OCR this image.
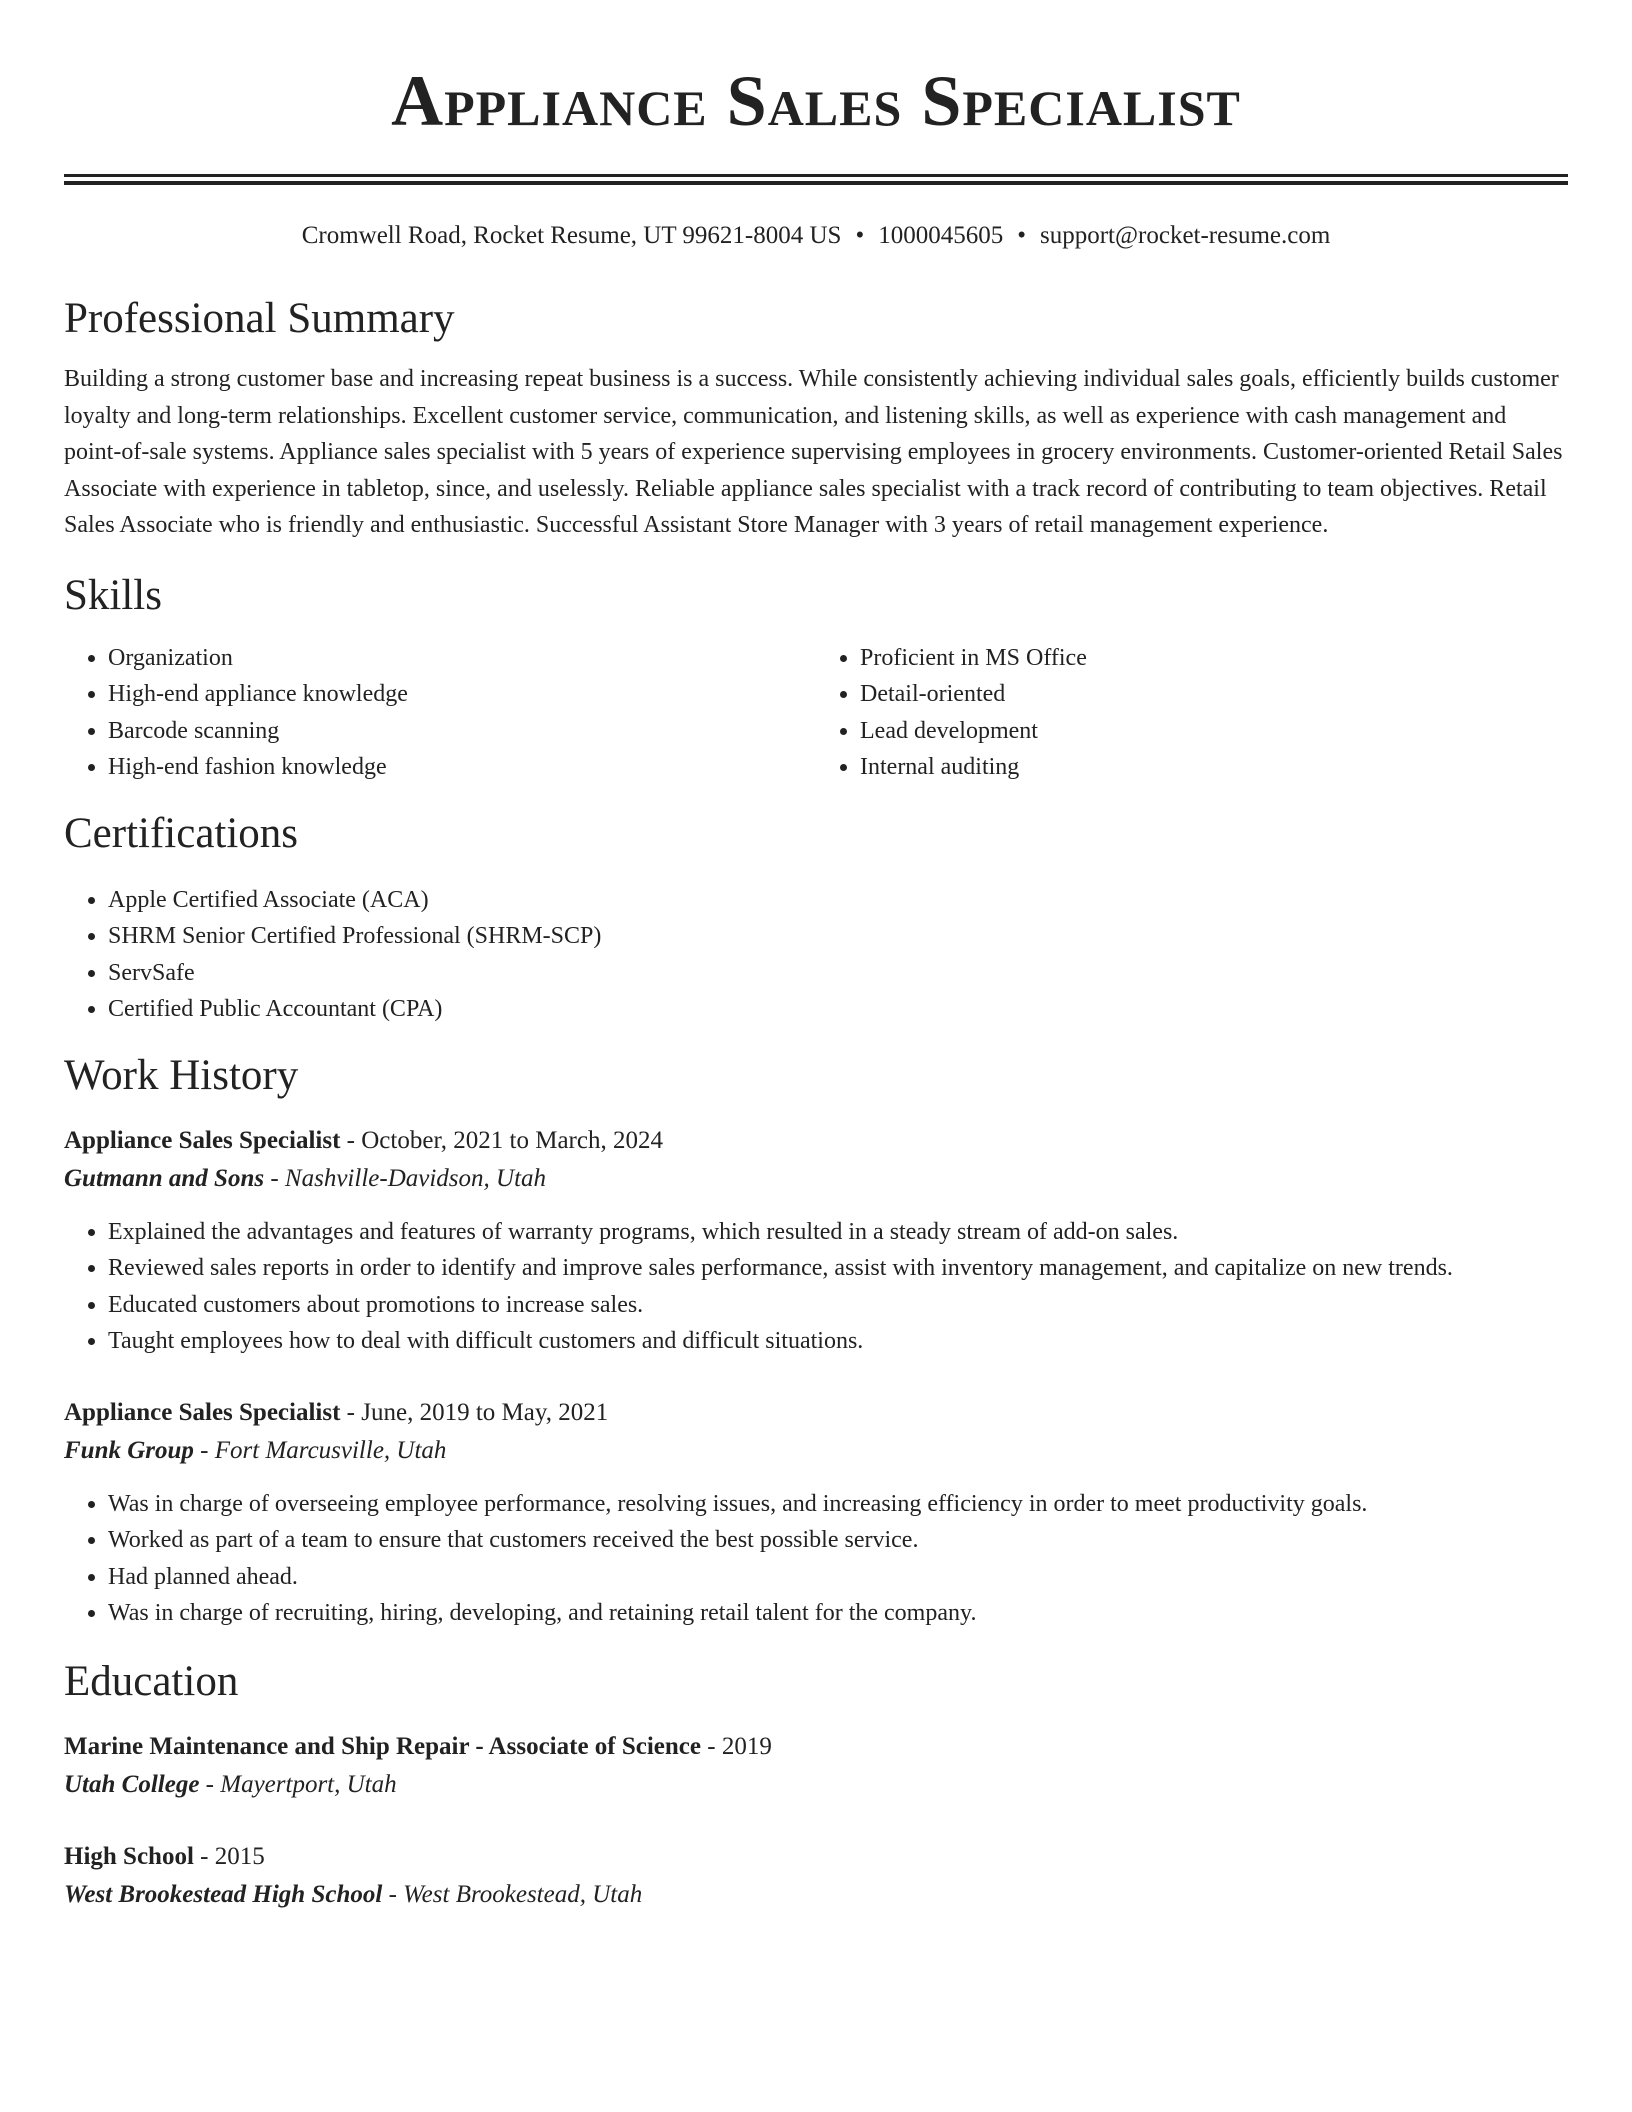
Appliance Sales Specialist
Cromwell Road, Rocket Resume, UT 99621-8004 US • 1000045605 • support@rocket-resume.com
Professional Summary

Building a strong customer base and increasing repeat business is a success. While consistently achieving individual sales goals, efficiently builds customer loyalty and long-term relationships. Excellent customer service, communication, and listening skills, as well as experience with cash management and point-of-sale systems. Appliance sales specialist with 5 years of experience supervising employees in grocery environments. Customer-oriented Retail Sales Associate with experience in tabletop, since, and uselessly. Reliable appliance sales specialist with a track record of contributing to team objectives. Retail Sales Associate who is friendly and enthusiastic. Successful Assistant Store Manager with 3 years of retail management experience.

Skills
• Organization
• High-end appliance knowledge
• Barcode scanning
• High-end fashion knowledge
• Proficient in MS Office
• Detail-oriented
• Lead development
• Internal auditing
Certifications
• Apple Certified Associate (ACA)
• SHRM Senior Certified Professional (SHRM-SCP)
• ServSafe
• Certified Public Accountant (CPA)
Work History
Appliance Sales Specialist - October, 2021 to March, 2024
Gutmann and Sons - Nashville-Davidson, Utah
• Explained the advantages and features of warranty programs, which resulted in a steady stream of add-on sales.
• Reviewed sales reports in order to identify and improve sales performance, assist with inventory management, and capitalize on new trends.
• Educated customers about promotions to increase sales.
• Taught employees how to deal with difficult customers and difficult situations.
Appliance Sales Specialist - June, 2019 to May, 2021
Funk Group - Fort Marcusville, Utah
• Was in charge of overseeing employee performance, resolving issues, and increasing efficiency in order to meet productivity goals.
• Worked as part of a team to ensure that customers received the best possible service.
• Had planned ahead.
• Was in charge of recruiting, hiring, developing, and retaining retail talent for the company.
Education
Marine Maintenance and Ship Repair - Associate of Science - 2019
Utah College - Mayertport, Utah
High School - 2015
West Brookestead High School - West Brookestead, Utah
